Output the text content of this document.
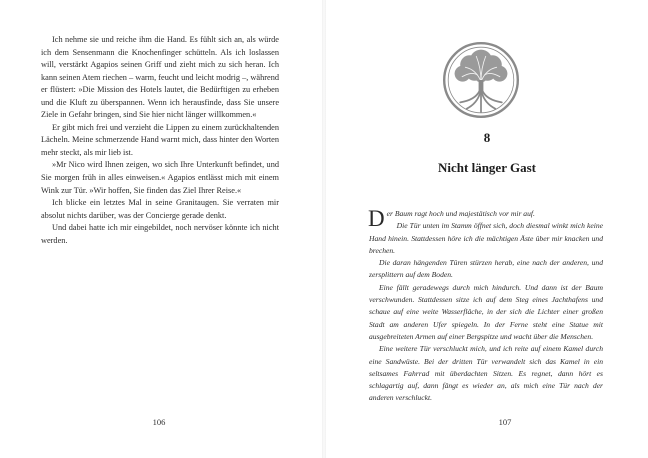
Ich nehme sie und reiche ihm die Hand. Es fühlt sich an, als würde ich dem Sensenmann die Knochenfinger schütteln. Als ich loslassen will, verstärkt Agapios seinen Griff und zieht mich zu sich heran. Ich kann seinen Atem riechen – warm, feucht und leicht modrig –, während er flüstert: »Die Mission des Hotels lautet, die Bedürftigen zu erheben und die Kluft zu überspannen. Wenn ich herausfinde, dass Sie unsere Ziele in Gefahr bringen, sind Sie hier nicht länger willkommen.«

Er gibt mich frei und verzieht die Lippen zu einem zurückhaltenden Lächeln. Meine schmerzende Hand warnt mich, dass hinter den Worten mehr steckt, als mir lieb ist.

»Mr Nico wird Ihnen zeigen, wo sich Ihre Unterkunft befindet, und Sie morgen früh in alles einweisen.« Agapios entlässt mich mit einem Wink zur Tür. »Wir hoffen, Sie finden das Ziel Ihrer Reise.«

Ich blicke ein letztes Mal in seine Granitaugen. Sie verraten mir absolut nichts darüber, was der Concierge gerade denkt.

Und dabei hatte ich mir eingebildet, noch nervöser könnte ich nicht werden.

106
8
Nicht länger Gast

Der Baum ragt hoch und majestätisch vor mir auf.

Die Tür unten im Stamm öffnet sich, doch diesmal winkt mich keine Hand hinein. Stattdessen höre ich die mächtigen Äste über mir knacken und brechen.

Die daran hängenden Türen stürzen herab, eine nach der anderen, und zersplittern auf dem Boden.

Eine fällt geradewegs durch mich hindurch. Und dann ist der Baum verschwunden. Stattdessen sitze ich auf dem Steg eines Jachthafens und schaue auf eine weite Wasserfläche, in der sich die Lichter einer großen Stadt am anderen Ufer spiegeln. In der Ferne steht eine Statue mit ausgebreiteten Armen auf einer Bergspitze und wacht über die Menschen.

Eine weitere Tür verschluckt mich, und ich reite auf einem Kamel durch eine Sandwüste. Bei der dritten Tür verwandelt sich das Kamel in ein seltsames Fahrrad mit überdachten Sitzen. Es regnet, dann hört es schlagartig auf, dann fängt es wieder an, als mich eine Tür nach der anderen verschluckt.

107
